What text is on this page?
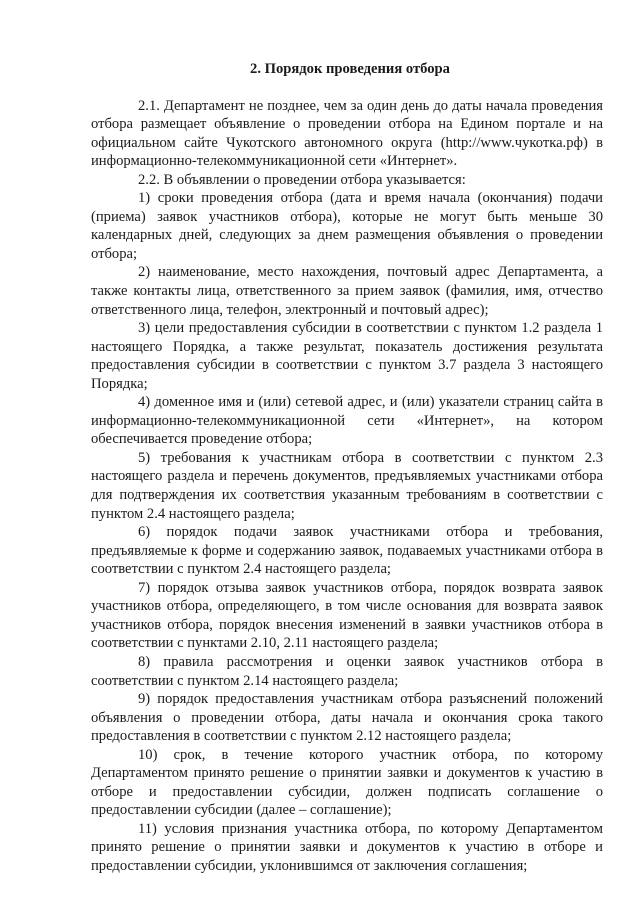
2. Порядок проведения отбора

2.1. Департамент не позднее, чем за один день до даты начала проведения отбора размещает объявление о проведении отбора на Едином портале и на официальном сайте Чукотского автономного округа (http://www.чукотка.рф) в информационно-телекоммуникационной сети «Интернет».

2.2. В объявлении о проведении отбора указывается:

1) сроки проведения отбора (дата и время начала (окончания) подачи (приема) заявок участников отбора), которые не могут быть меньше 30 календарных дней, следующих за днем размещения объявления о проведении отбора;

2) наименование, место нахождения, почтовый адрес Департамента, а также контакты лица, ответственного за прием заявок (фамилия, имя, отчество ответственного лица, телефон, электронный и почтовый адрес);

3) цели предоставления субсидии в соответствии с пунктом 1.2 раздела 1 настоящего Порядка, а также результат, показатель достижения результата предоставления субсидии в соответствии с пунктом 3.7 раздела 3 настоящего Порядка;

4) доменное имя и (или) сетевой адрес, и (или) указатели страниц сайта в информационно-телекоммуникационной сети «Интернет», на котором обеспечивается проведение отбора;

5) требования к участникам отбора в соответствии с пунктом 2.3 настоящего раздела и перечень документов, предъявляемых участниками отбора для подтверждения их соответствия указанным требованиям в соответствии с пунктом 2.4 настоящего раздела;

6) порядок подачи заявок участниками отбора и требования, предъявляемые к форме и содержанию заявок, подаваемых участниками отбора в соответствии с пунктом 2.4 настоящего раздела;

7) порядок отзыва заявок участников отбора, порядок возврата заявок участников отбора, определяющего, в том числе основания для возврата заявок участников отбора, порядок внесения изменений в заявки участников отбора в соответствии с пунктами 2.10, 2.11 настоящего раздела;

8) правила рассмотрения и оценки заявок участников отбора в соответствии с пунктом 2.14 настоящего раздела;

9) порядок предоставления участникам отбора разъяснений положений объявления о проведении отбора, даты начала и окончания срока такого предоставления в соответствии с пунктом 2.12 настоящего раздела;

10) срок, в течение которого участник отбора, по которому Департаментом принято решение о принятии заявки и документов к участию в отборе и предоставлении субсидии, должен подписать соглашение о предоставлении субсидии (далее – соглашение);

11) условия признания участника отбора, по которому Департаментом принято решение о принятии заявки и документов к участию в отборе и предоставлении субсидии, уклонившимся от заключения соглашения;
